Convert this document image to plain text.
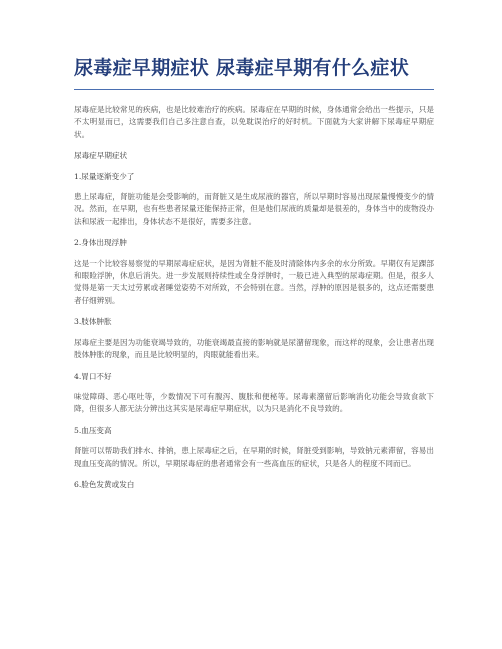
尿毒症早期症状 尿毒症早期有什么症状

尿毒症是比较常见的疾病，也是比较难治疗的疾病。尿毒症在早期的时候，身体通常会给出一些提示，只是不太明显而已，这需要我们自己多注意自查，以免耽误治疗的好时机。下面就为大家讲解下尿毒症早期症状。

尿毒症早期症状

1.尿量逐渐变少了

患上尿毒症，肾脏功能是会受影响的，而肾脏又是生成尿液的器官，所以早期时容易出现尿量慢慢变少的情况。然而，在早期，也有些患者尿量还能保持正常，但是他们尿液的质量却是很差的，身体当中的废物没办法和尿液一起排出，身体状态不是很好，需要多注意。

2.身体出现浮肿

这是一个比较容易察觉的早期尿毒症症状，是因为肾脏不能及时清除体内多余的水分所致。早期仅有足踝部和眼睑浮肿，休息后消失。进一步发展则持续性或全身浮肿时，一般已进入典型的尿毒症期。但是，很多人觉得是第一天太过劳累或者睡觉姿势不对所致，不会特别在意。当然，浮肿的原因是很多的，这点还需要患者仔细辨别。

3.肢体肿胀

尿毒症主要是因为功能衰竭导致的，功能衰竭最直接的影响就是尿潴留现象，而这样的现象，会让患者出现肢体肿胀的现象，而且是比较明显的，肉眼就能看出来。

4.胃口不好

味觉障碍、恶心呕吐等，少数情况下可有腹泻、腹胀和便秘等。尿毒素潴留后影响消化功能会导致食欲下降，但很多人都无法分辨出这其实是尿毒症早期症状，以为只是消化不良导致的。

5.血压变高

肾脏可以帮助我们排水、排钠，患上尿毒症之后，在早期的时候，肾脏受到影响，导致钠元素滞留，容易出现血压变高的情况。所以，早期尿毒症的患者通常会有一些高血压的症状，只是各人的程度不同而已。

6.脸色发黄或发白
